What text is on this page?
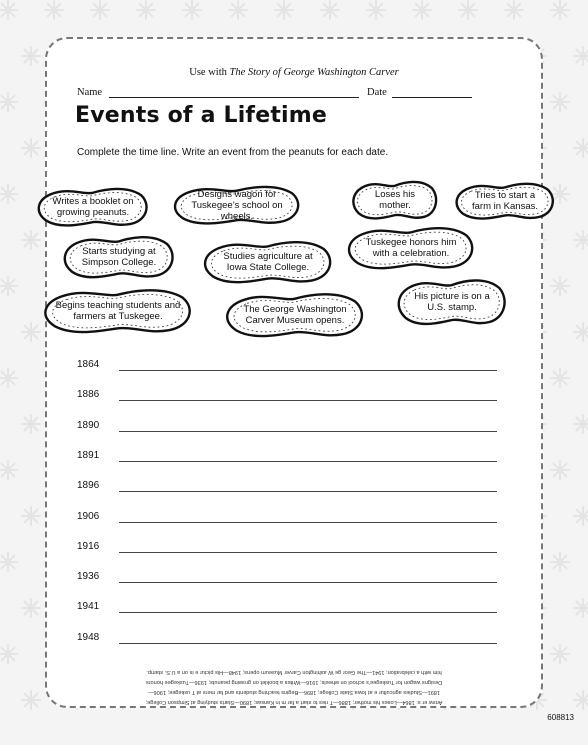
Use with The Story of George Washington Carver
Name	Date
Events of a Lifetime
Complete the time line. Write an event from the peanuts for each date.
Writes a booklet on growing peanuts.
Designs wagon for Tuskegee’s school on wheels.
Loses his mother.
Tries to start a farm in Kansas.
Starts studying at Simpson College.
Studies agriculture at Iowa State College.
Tuskegee honors him with a celebration.
Begins teaching students and farmers at Tuskegee.
The George Washington Carver Museum opens.
His picture is on a U.S. stamp.
1864
1886
1890
1891
1896
1906
1916
1936
1941
1948
Answ er s: 1864—Loses his mother; 1886—T ries to start a far m in Kansas; 1890—Starts studying at Simpson College;
1891—Studies agricultur e at Iowa State College; 1896—Begins teaching students and far mers at T uskegee; 1906—
Designs wagon for Tuskegee’s school on wheels; 1916—Writes a booklet on growing peanuts; 1936—Tuskegee honors
him with a celebration; 1941—The Geor ge W ashington Carver Museum opens; 1948—His pictur e is on a U.S. stamp.
608813
